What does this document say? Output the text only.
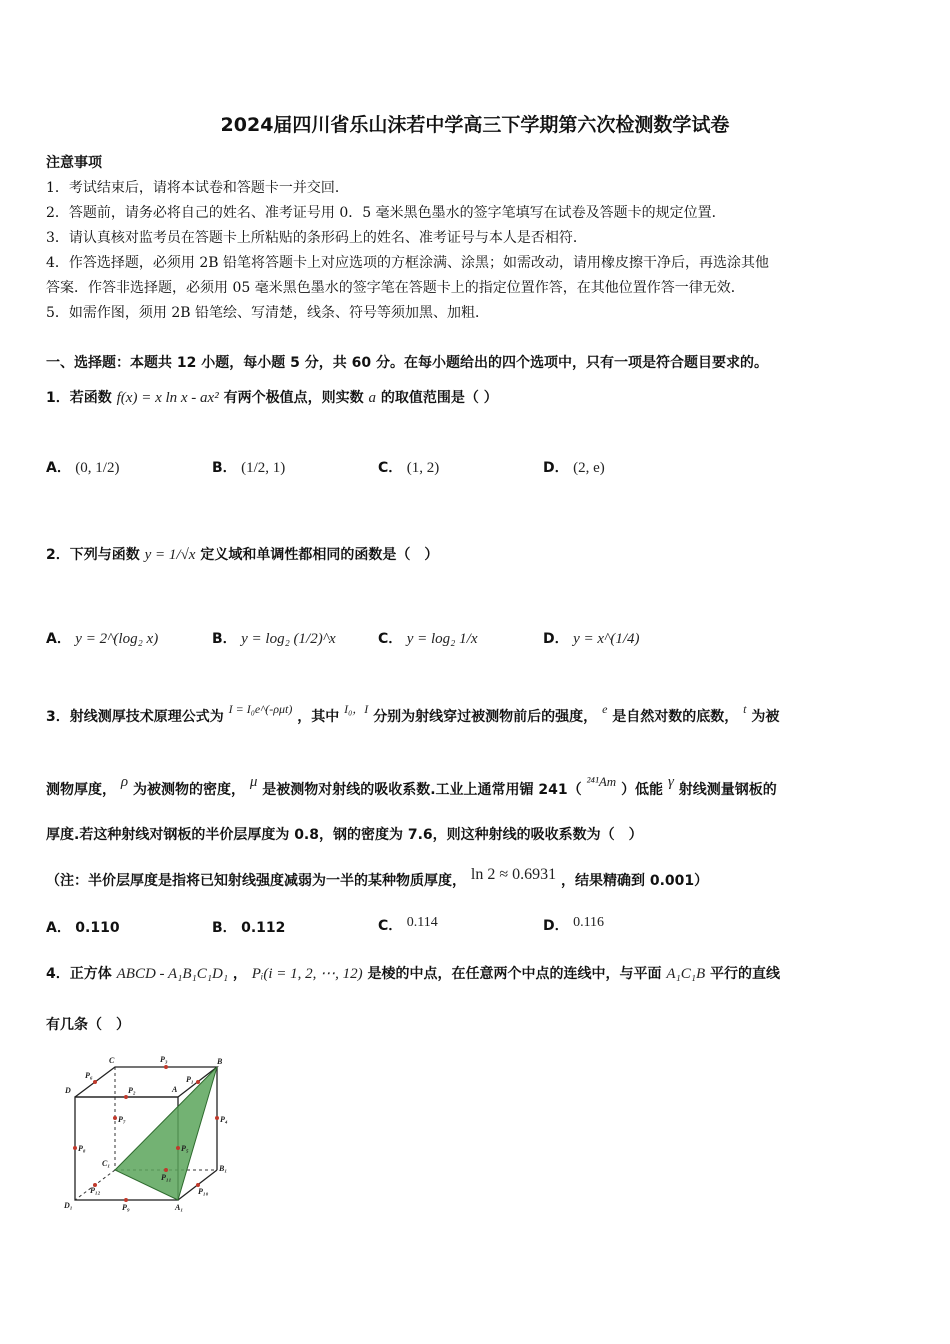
2024届四川省乐山沫若中学高三下学期第六次检测数学试卷
注意事项
1．考试结束后，请将本试卷和答题卡一并交回．
2．答题前，请务必将自己的姓名、准考证号用 0．5 毫米黑色墨水的签字笔填写在试卷及答题卡的规定位置．
3．请认真核对监考员在答题卡上所粘贴的条形码上的姓名、准考证号与本人是否相符．
4．作答选择题，必须用 2B 铅笔将答题卡上对应选项的方框涂满、涂黑；如需改动，请用橡皮擦干净后，再选涂其他
答案．作答非选择题，必须用 05 毫米黑色墨水的签字笔在答题卡上的指定位置作答，在其他位置作答一律无效．
5．如需作图，须用 2B 铅笔绘、写清楚，线条、符号等须加黑、加粗．
一、选择题：本题共 12 小题，每小题 5 分，共 60 分。在每小题给出的四个选项中，只有一项是符合题目要求的。
1．若函数 f(x) = x ln x - ax² 有两个极值点，则实数 a 的取值范围是（ ）
A． (0, 1/2)	B． (1/2, 1)	C． (1, 2)	D． (2, e)
2．下列与函数 y = 1/√x 定义域和单调性都相同的函数是（　）
A． y = 2^(log₂ x)	B． y = log₂ (1/2)^x	C． y = log₂ 1/x	D． y = x^(1/4)
3．射线测厚技术原理公式为 I = I₀e^(-ρμt) ，其中 I₀，I 分别为射线穿过被测物前后的强度， e 是自然对数的底数， t 为被
测物厚度， ρ 为被测物的密度， μ 是被测物对射线的吸收系数.工业上通常用镅 241（ ²⁴¹Am ）低能 γ 射线测量钢板的
厚度.若这种射线对钢板的半价层厚度为 0.8，钢的密度为 7.6，则这种射线的吸收系数为（　）
（注：半价层厚度是指将已知射线强度减弱为一半的某种物质厚度， ln 2 ≈ 0.6931 ，结果精确到 0.001）
A． 0.110	B． 0.112	C． 0.114	D． 0.116
4．正方体 ABCD - A₁B₁C₁D₁ ， Pᵢ(i = 1, 2, ⋯, 12) 是棱的中点，在任意两个中点的连线中，与平面 A₁C₁B 平行的直线
有几条（　）
C	P₃	B
D
P₆
P₂	A
P₁
P₄
P₇
P₈	P₅
C₁
B₁
P₁₁
D₁
P₁₂	P₁₀
P₉	A₁
